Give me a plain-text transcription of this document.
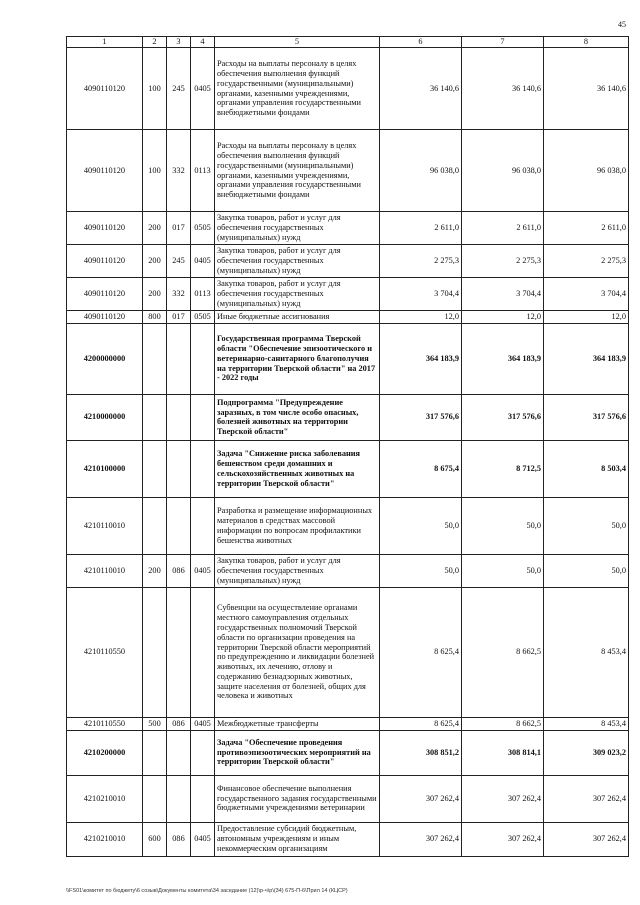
45
1	2	3	4	5	6	7	8
4090110120	100	245	0405	Расходы на выплаты персоналу в целях обеспечения выполнения функций государственными (муниципальными) органами, казенными учреждениями, органами управления государственными внебюджетными фондами	36 140,6	36 140,6	36 140,6
4090110120	100	332	0113	Расходы на выплаты персоналу в целях обеспечения выполнения функций государственными (муниципальными) органами, казенными учреждениями, органами управления государственными внебюджетными фондами	96 038,0	96 038,0	96 038,0
4090110120	200	017	0505	Закупка товаров, работ и услуг для обеспечения государственных (муниципальных) нужд	2 611,0	2 611,0	2 611,0
4090110120	200	245	0405	Закупка товаров, работ и услуг для обеспечения государственных (муниципальных) нужд	2 275,3	2 275,3	2 275,3
4090110120	200	332	0113	Закупка товаров, работ и услуг для обеспечения государственных (муниципальных) нужд	3 704,4	3 704,4	3 704,4
4090110120	800	017	0505	Иные бюджетные ассигнования	12,0	12,0	12,0
4200000000				Государственная программа Тверской области "Обеспечение эпизоотического и ветеринарно-санитарного благополучия на территории Тверской области" на 2017 - 2022 годы	364 183,9	364 183,9	364 183,9
4210000000				Подпрограмма "Предупреждение заразных, в том числе особо опасных, болезней животных на территории Тверской области"	317 576,6	317 576,6	317 576,6
4210100000				Задача "Снижение риска заболевания бешенством среди домашних и сельскохозяйственных животных на территории Тверской области"	8 675,4	8 712,5	8 503,4
4210110010				Разработка и размещение информационных материалов в средствах массовой информации по вопросам профилактики бешенства животных	50,0	50,0	50,0
4210110010	200	086	0405	Закупка товаров, работ и услуг для обеспечения государственных (муниципальных) нужд	50,0	50,0	50,0
4210110550				Субвенции на осуществление органами местного самоуправления отдельных государственных полномочий Тверской области по организации проведения на территории Тверской области мероприятий по предупреждению и ликвидации болезней животных, их лечению, отлову и содержанию безнадзорных животных, защите населения от болезней, общих для человека и животных	8 625,4	8 662,5	8 453,4
4210110550	500	086	0405	Межбюджетные трансферты	8 625,4	8 662,5	8 453,4
4210200000				Задача "Обеспечение проведения противоэпизоотических мероприятий на территории Тверской области"	308 851,2	308 814,1	309 023,2
4210210010				Финансовое обеспечение выполнения государственного задания государственными бюджетными учреждениями ветеринарии	307 262,4	307 262,4	307 262,4
4210210010	600	086	0405	Предоставление субсидий бюджетным, автономным учреждениям и иным некоммерческим организациям	307 262,4	307 262,4	307 262,4
\\FS01\комитет по бюджету\6 созыв\Документы комитета\34 заседание (12)\р-ч\р\(34) 675-П-6\Прил 14 (КЦСР)
